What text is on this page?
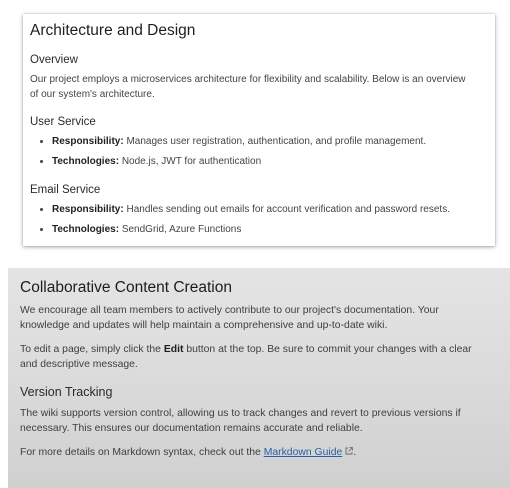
Architecture and Design
Overview

Our project employs a microservices architecture for flexibility and scalability. Below is an overview
of our system's architecture.

User Service
• Responsibility: Manages user registration, authentication, and profile management.
• Technologies: Node.js, JWT for authentication
Email Service
• Responsibility: Handles sending out emails for account verification and password resets.
• Technologies: SendGrid, Azure Functions
Collaborative Content Creation

We encourage all team members to actively contribute to our project's documentation. Your
knowledge and updates will help maintain a comprehensive and up-to-date wiki.

To edit a page, simply click the Edit button at the top. Be sure to commit your changes with a clear
and descriptive message.

Version Tracking

The wiki supports version control, allowing us to track changes and revert to previous versions if
necessary. This ensures our documentation remains accurate and reliable.

For more details on Markdown syntax, check out the Markdown Guide .
